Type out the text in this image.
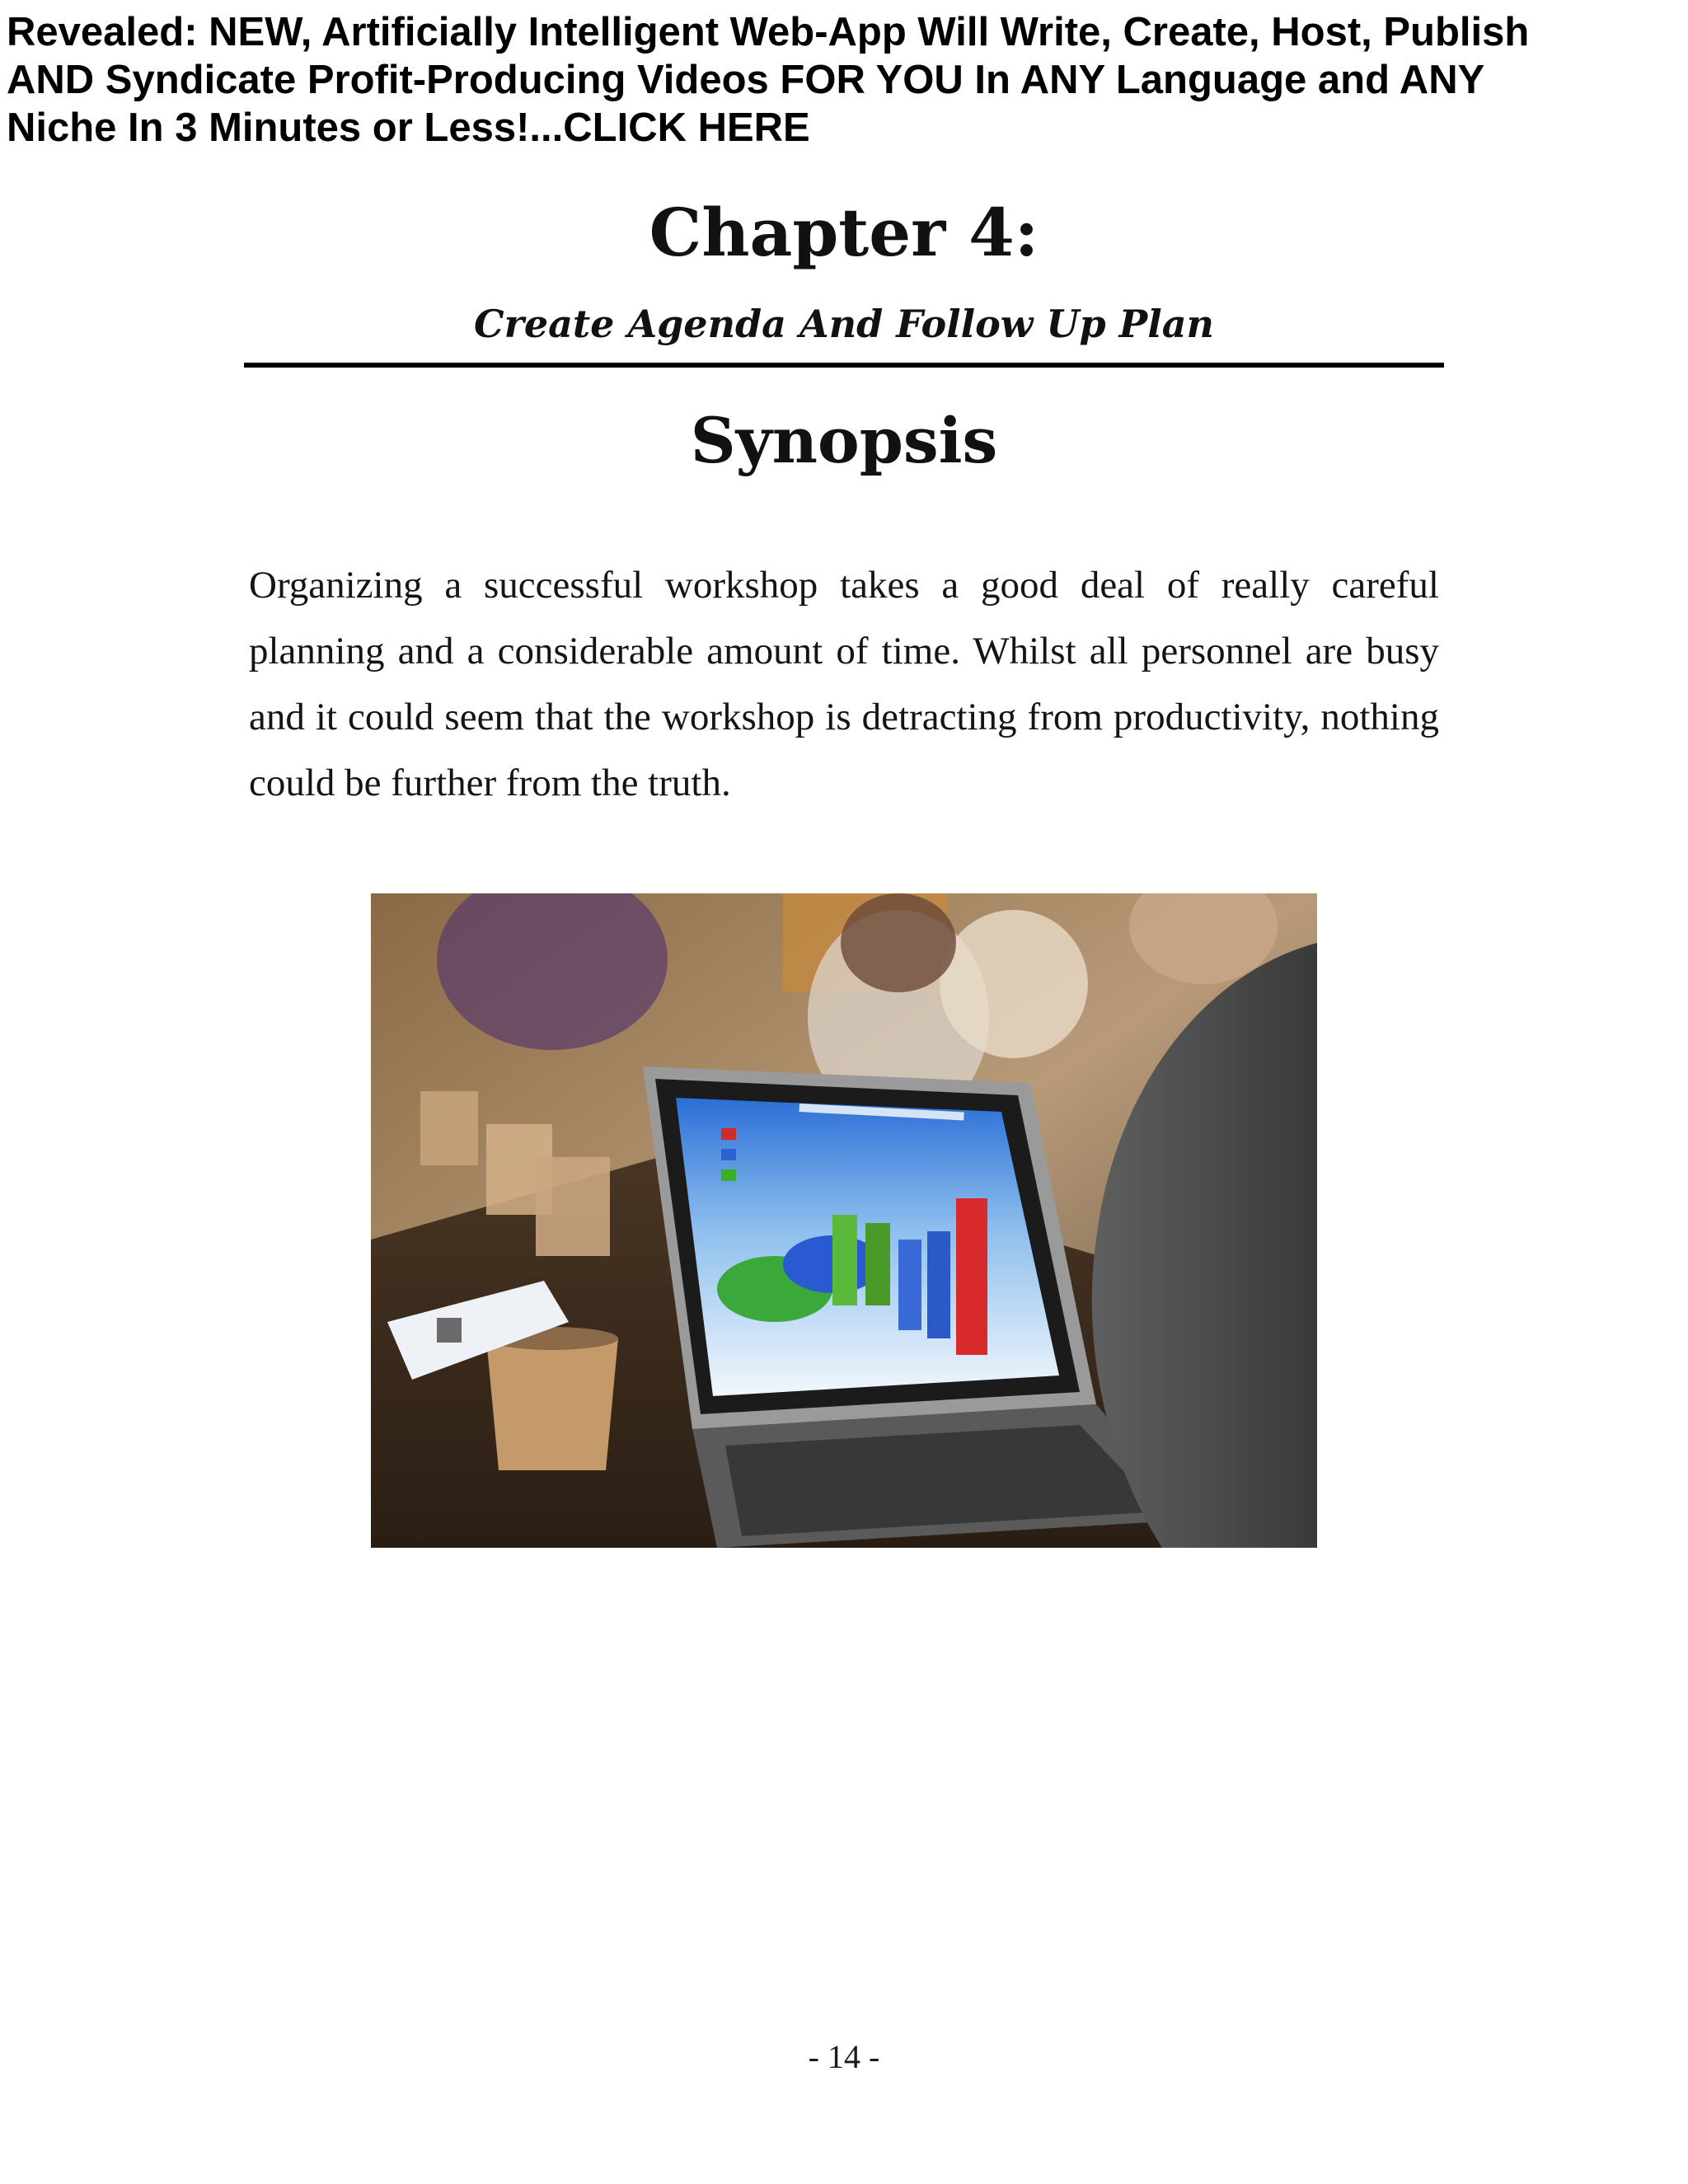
Revealed: NEW, Artificially Intelligent Web-App Will Write, Create, Host, Publish AND Syndicate Profit-Producing Videos FOR YOU In ANY Language and ANY Niche In 3 Minutes or Less!...CLICK HERE
Chapter 4:
Create Agenda And Follow Up Plan
Synopsis

Organizing a successful workshop takes a good deal of really careful planning and a considerable amount of time. Whilst all personnel are busy and it could seem that the workshop is detracting from productivity, nothing could be further from the truth.

- 14 -
